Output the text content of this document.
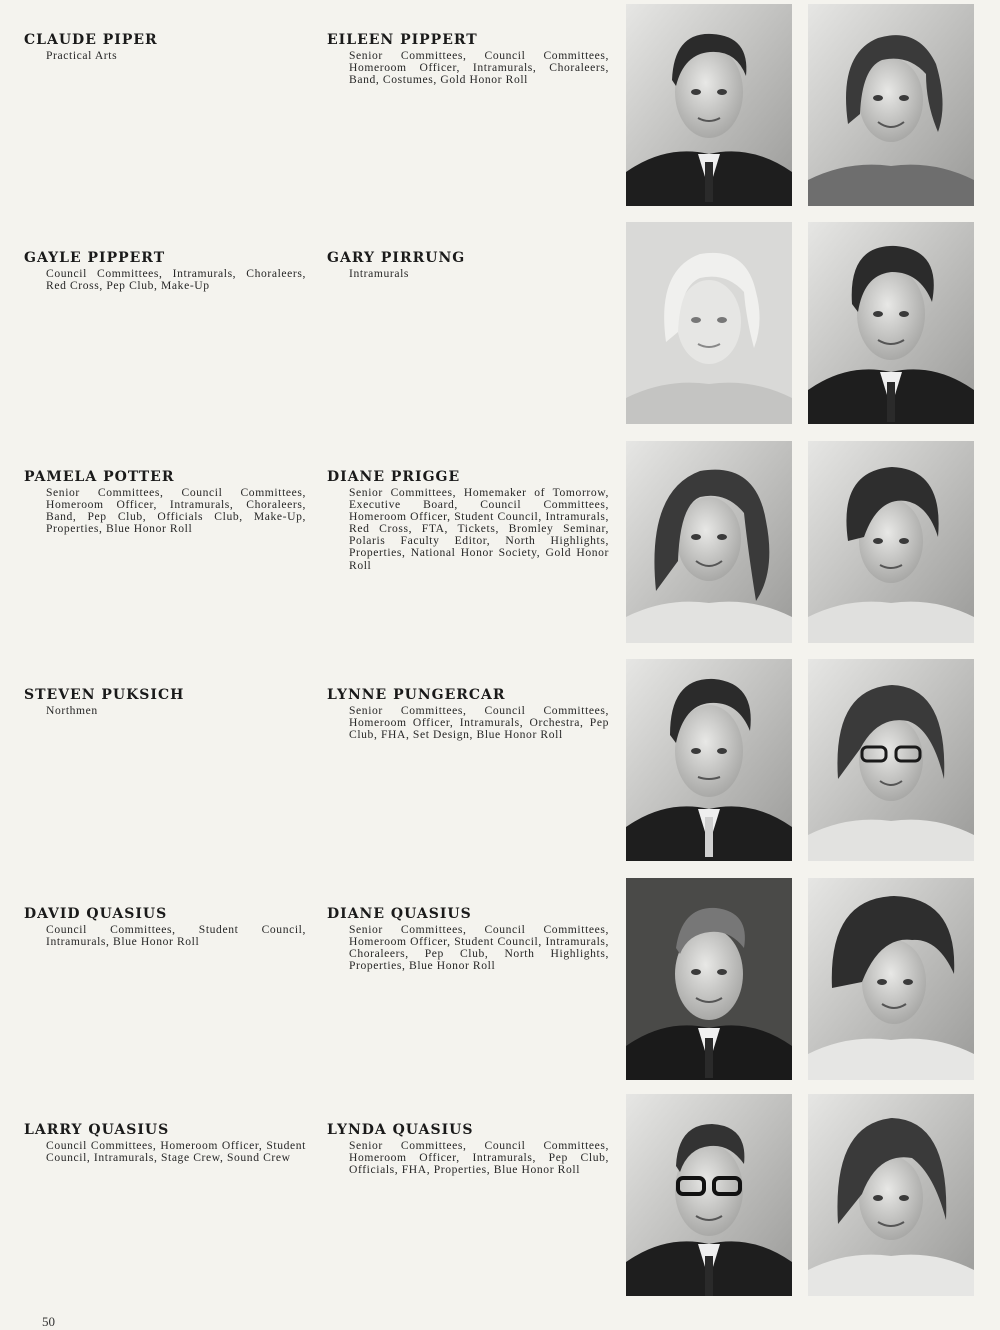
CLAUDE PIPER

Practical Arts

EILEEN PIPPERT

Senior Committees, Council Committees, Homeroom Officer, Intramurals, Choraleers, Band, Costumes, Gold Honor Roll

GAYLE PIPPERT

Council Committees, Intramurals, Choraleers, Red Cross, Pep Club, Make-Up

GARY PIRRUNG

Intramurals

PAMELA POTTER

Senior Committees, Council Committees, Homeroom Officer, Intramurals, Choraleers, Band, Pep Club, Officials Club, Make-Up, Properties, Blue Honor Roll

DIANE PRIGGE

Senior Committees, Homemaker of Tomorrow, Executive Board, Council Committees, Homeroom Officer, Student Council, Intramurals, Red Cross, FTA, Tickets, Bromley Seminar, Polaris Faculty Editor, North Highlights, Properties, National Honor Society, Gold Honor Roll

STEVEN PUKSICH

Northmen

LYNNE PUNGERCAR

Senior Committees, Council Committees, Homeroom Officer, Intramurals, Orchestra, Pep Club, FHA, Set Design, Blue Honor Roll

DAVID QUASIUS

Council Committees, Student Council, Intramurals, Blue Honor Roll

DIANE QUASIUS

Senior Committees, Council Committees, Homeroom Officer, Student Council, Intramurals, Choraleers, Pep Club, North Highlights, Properties, Blue Honor Roll

LARRY QUASIUS

Council Committees, Homeroom Officer, Student Council, Intramurals, Stage Crew, Sound Crew

LYNDA QUASIUS

Senior Committees, Council Committees, Homeroom Officer, Intramurals, Pep Club, Officials, FHA, Properties, Blue Honor Roll

50
